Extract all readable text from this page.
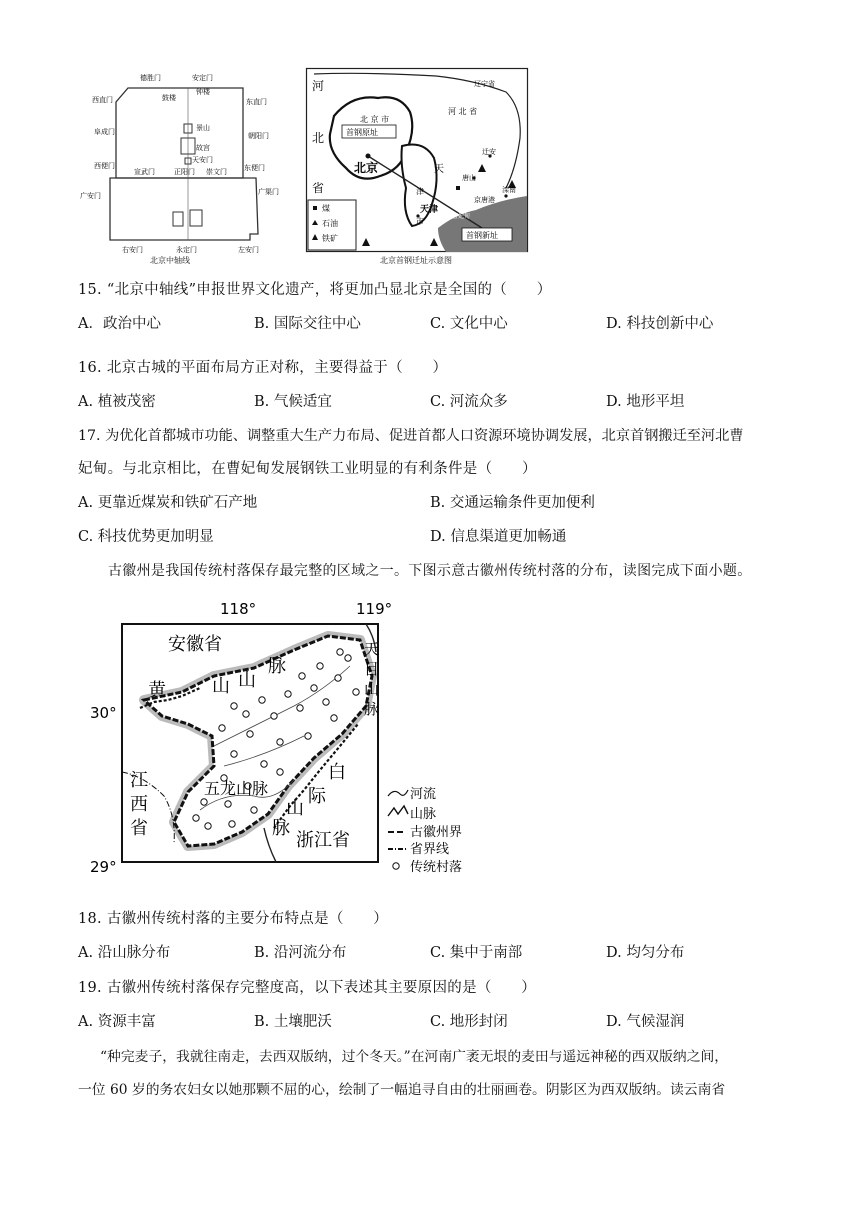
德胜门	安定门
钟楼
鼓楼
西直门	东直门
景山
阜成门	朝阳门
故宫
天安门
西便门	东便门
宣武门	正阳门 崇文门
广安门	广渠门
右安门	永定门	左安门
北京中轴线
煤
石油
铁矿
河
北
省
辽宁省
河 北 省
北 京 市
首钢原址
北京	天
津
市
天津
迁安
唐山
滦南
京唐港
曹妃甸
首钢新址
北京首钢迁址示意图
15. “北京中轴线”申报世界文化遗产，将更加凸显北京是全国的（　　）
A．政治中心	B. 国际交往中心	C. 文化中心	D. 科技创新中心
16. 北京古城的平面布局方正对称，主要得益于（　　）
A. 植被茂密	B. 气候适宜	C. 河流众多	D. 地形平坦
17. 为优化首都城市功能、调整重大生产力布局、促进首都人口资源环境协调发展，北京首钢搬迁至河北曹
妃甸。与北京相比，在曹妃甸发展钢铁工业明显的有利条件是（　　）
A. 更靠近煤炭和铁矿石产地	B. 交通运输条件更加便利
C. 科技优势更加明显	D. 信息渠道更加畅通
古徽州是我国传统村落保存最完整的区域之一。下图示意古徽州传统村落的分布，读图完成下面小题。
118°	119°
30°
29°
安徽省
黄	山 山
脉
江
西
省
五龙山脉
白
际
山
脉
浙江省
天
目
山
脉
河流
山脉
古徽州界
省界线
传统村落
18. 古徽州传统村落的主要分布特点是（　　）
A. 沿山脉分布	B. 沿河流分布	C. 集中于南部	D. 均匀分布
19. 古徽州传统村落保存完整度高，以下表述其主要原因的是（　　）
A. 资源丰富	B. 土壤肥沃	C. 地形封闭	D. 气候湿润
“种完麦子，我就往南走，去西双版纳，过个冬天。”在河南广袤无垠的麦田与遥远神秘的西双版纳之间，
一位 60 岁的务农妇女以她那颗不屈的心，绘制了一幅追寻自由的壮丽画卷。阴影区为西双版纳。读云南省
